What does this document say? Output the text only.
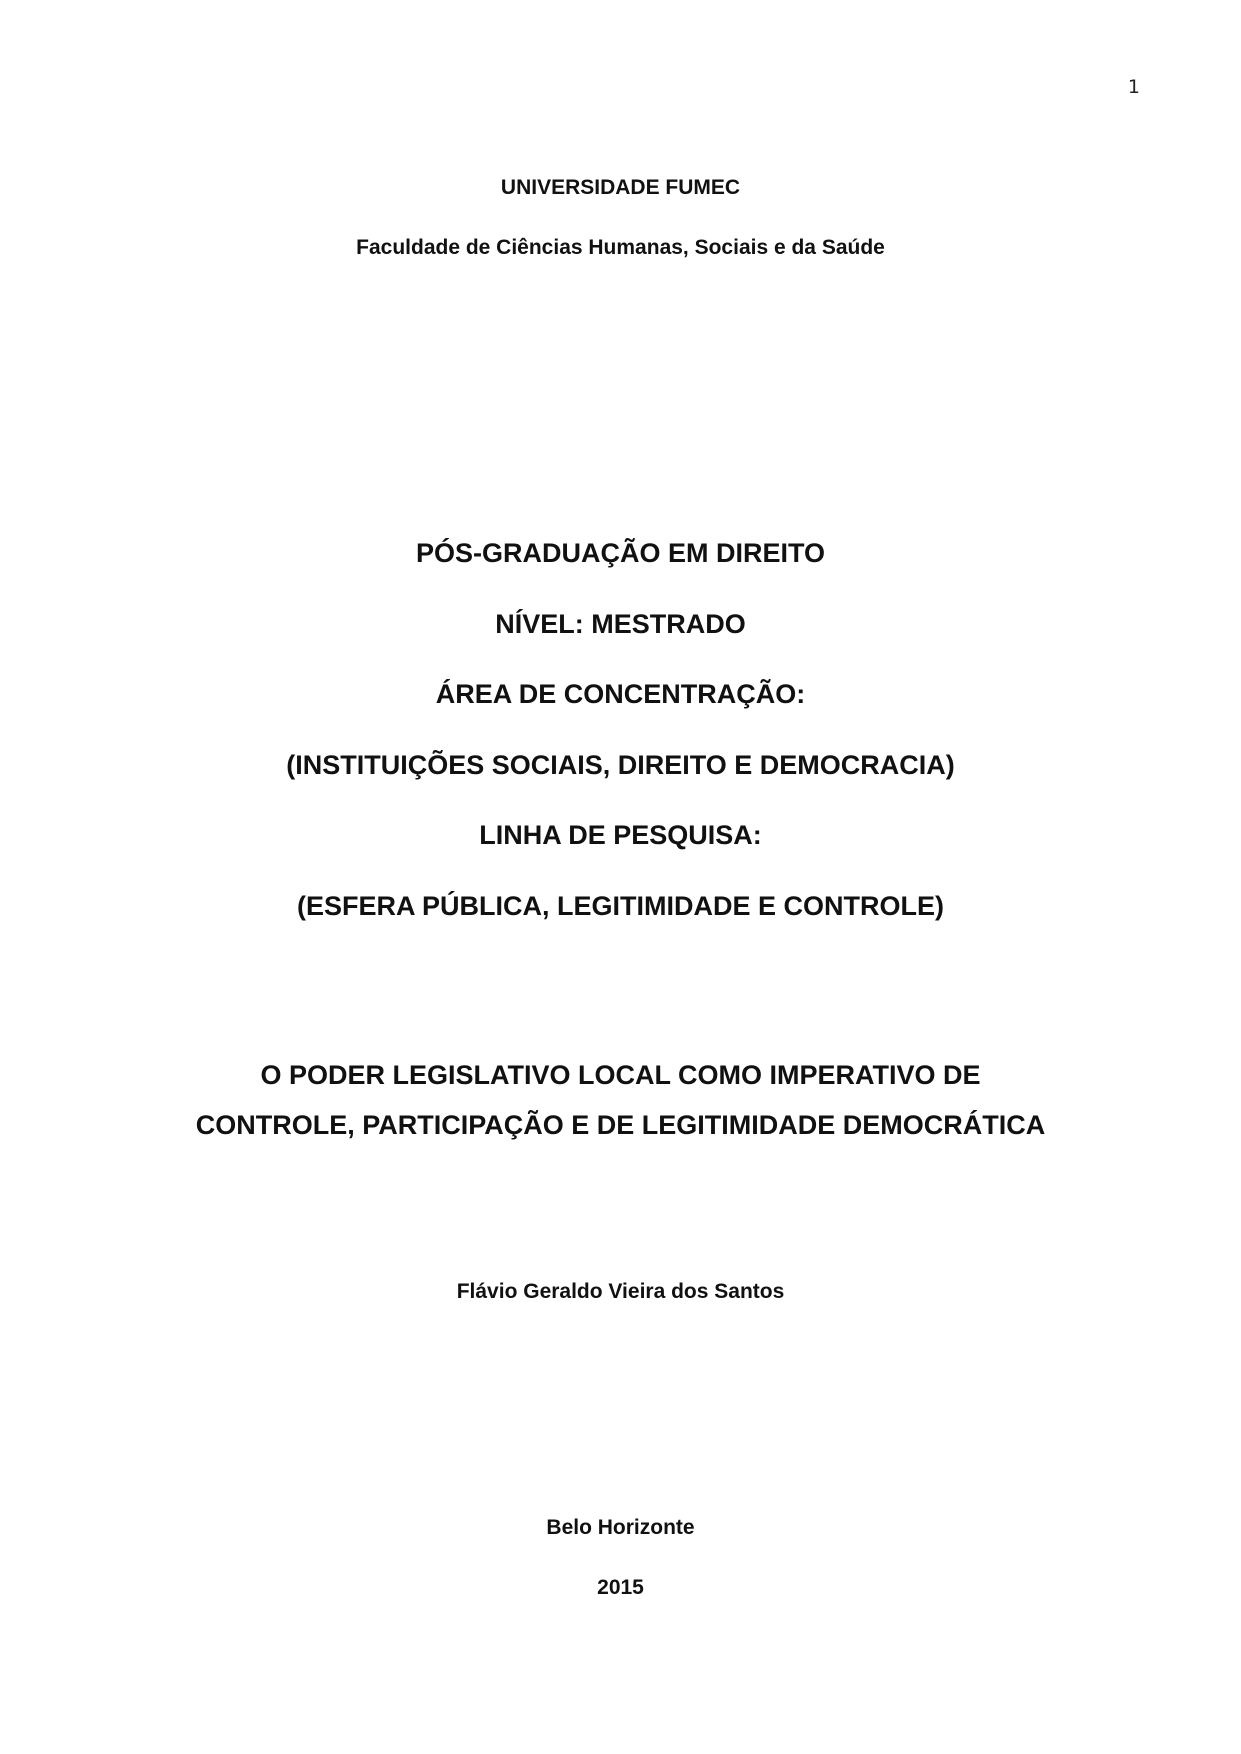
1
UNIVERSIDADE FUMEC
Faculdade de Ciências Humanas, Sociais e da Saúde
PÓS-GRADUAÇÃO EM DIREITO
NÍVEL: MESTRADO
ÁREA DE CONCENTRAÇÃO:
(INSTITUIÇÕES SOCIAIS, DIREITO E DEMOCRACIA)
LINHA DE PESQUISA:
(ESFERA PÚBLICA, LEGITIMIDADE E CONTROLE)
O PODER LEGISLATIVO LOCAL COMO IMPERATIVO DE
CONTROLE, PARTICIPAÇÃO E DE LEGITIMIDADE DEMOCRÁTICA
Flávio Geraldo Vieira dos Santos
Belo Horizonte
2015
